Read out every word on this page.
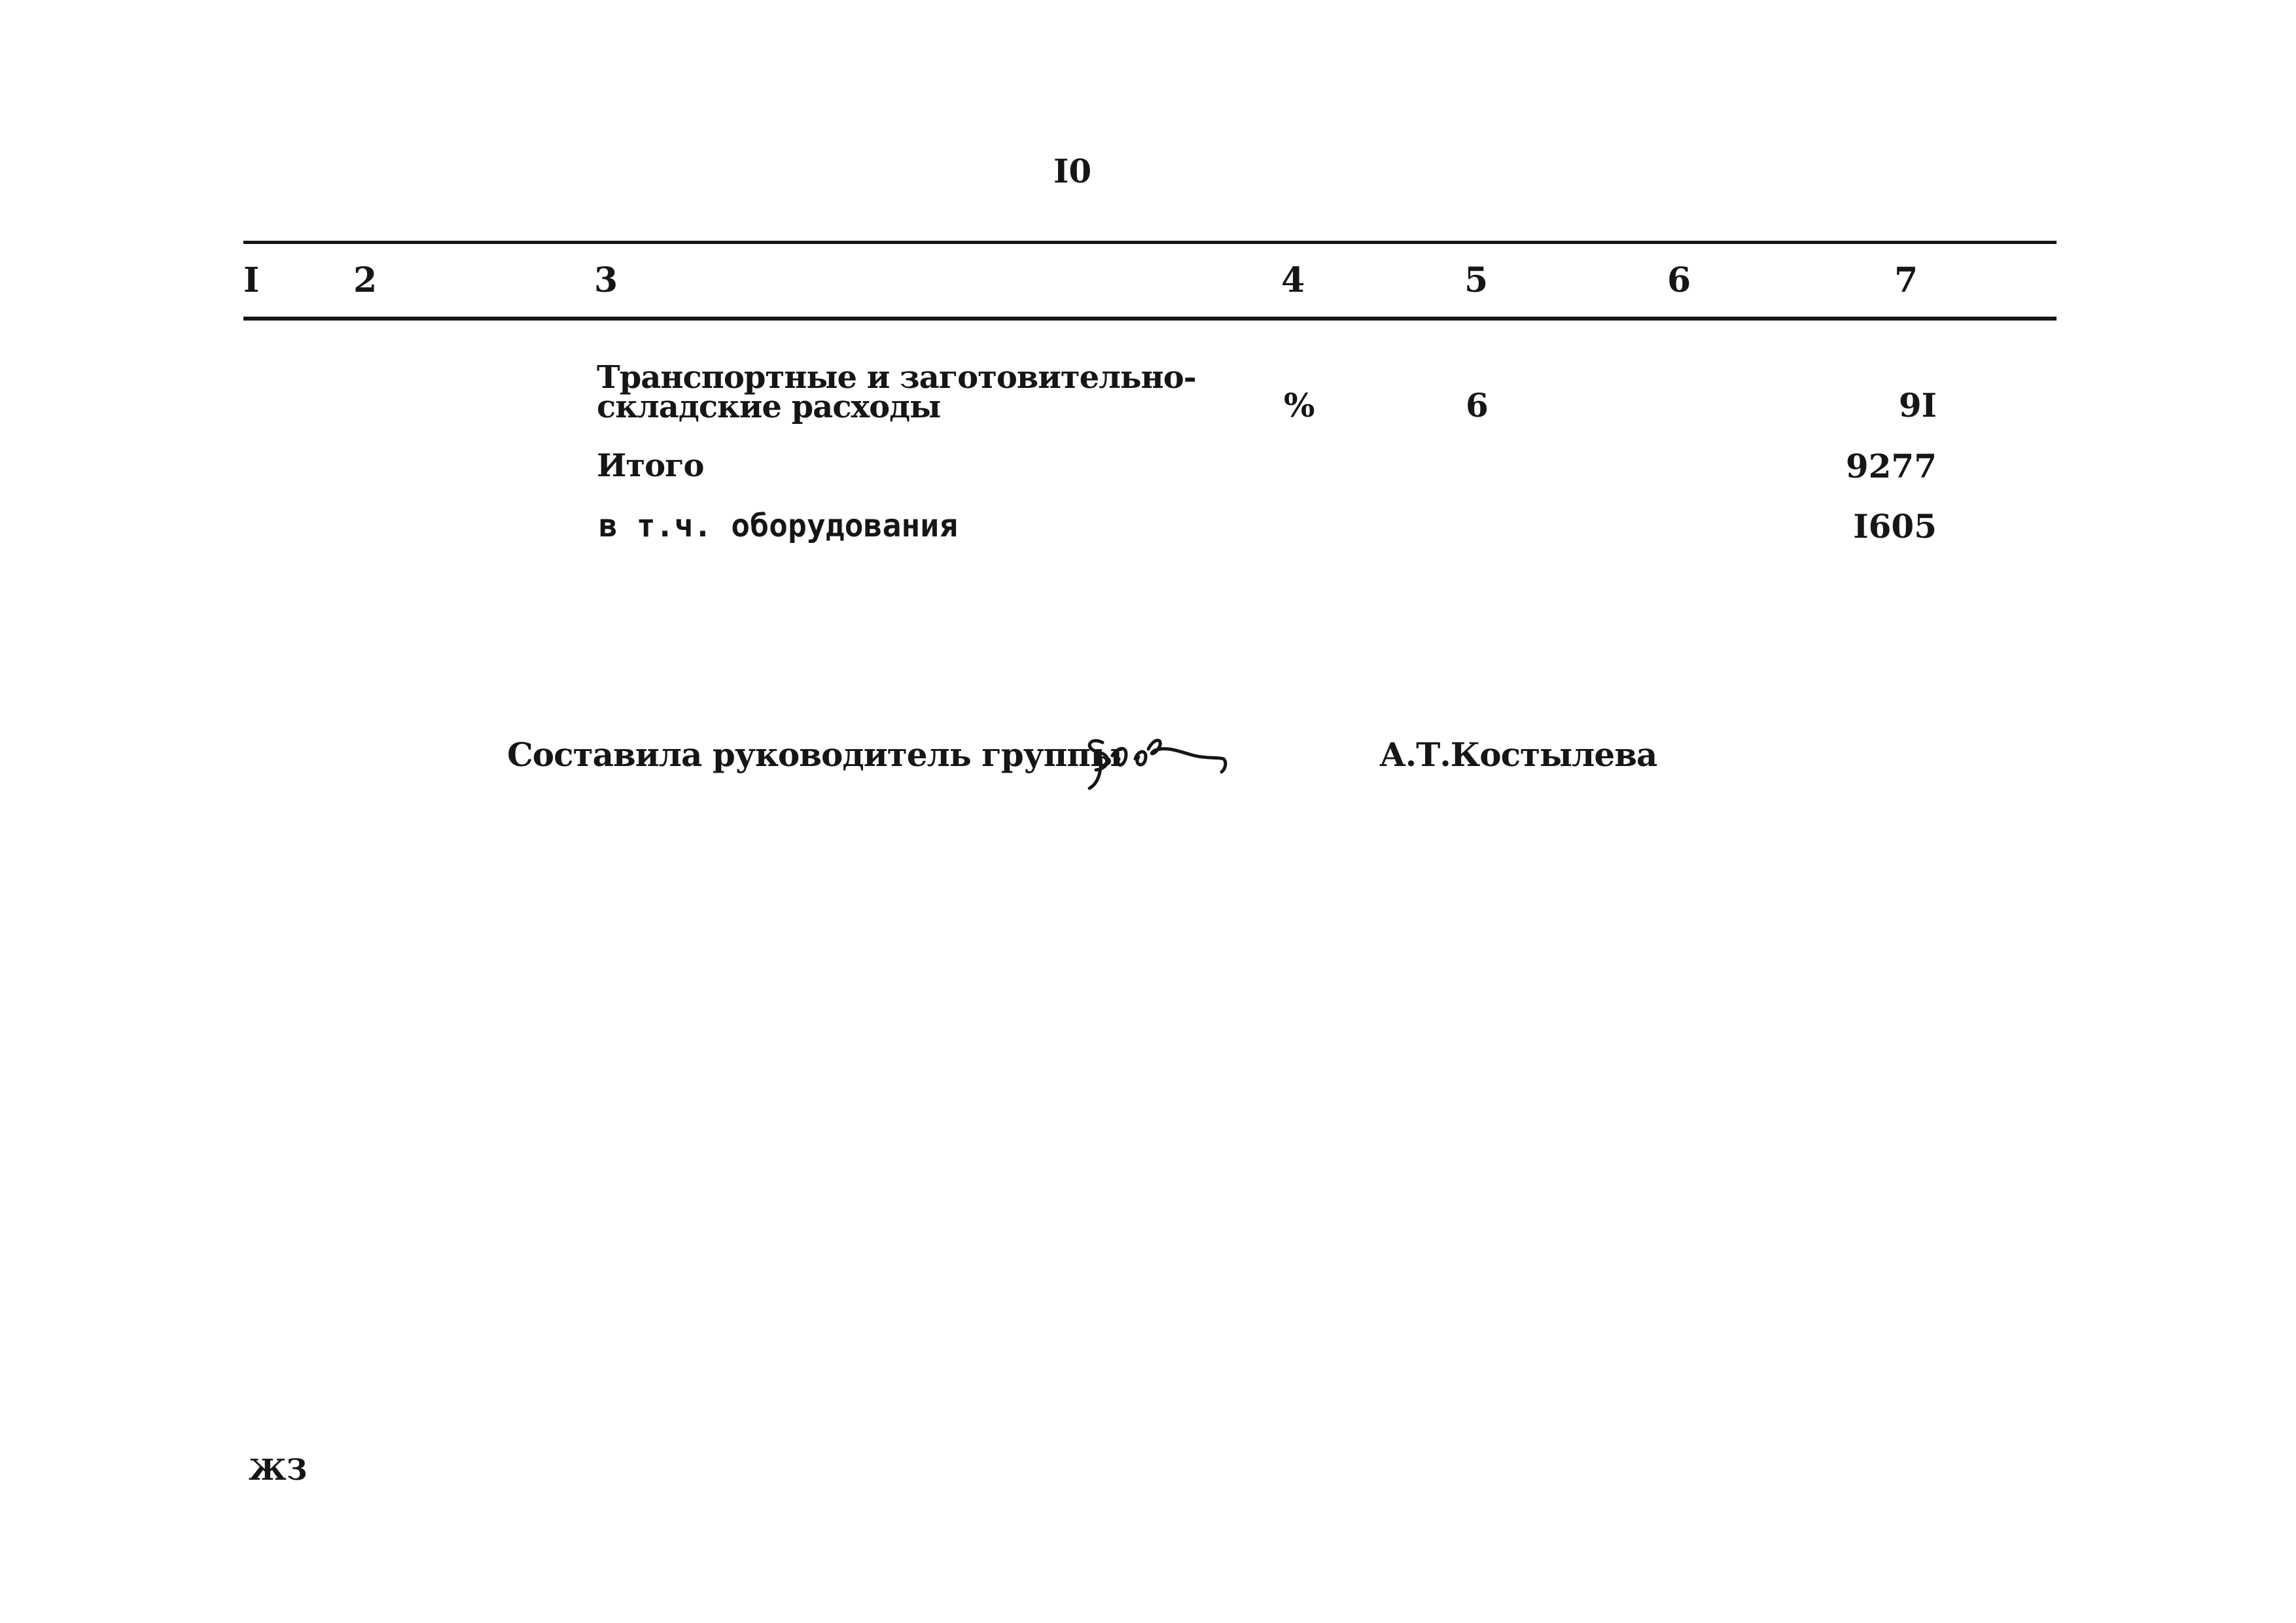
I0
I	2	3	4	5	6	7
Транспортные и заготовительно-
складские расходы	%	6	9I
Итого	9277
в т.ч. оборудования	I605
Составила руководитель группы	А.Т.Костылева
ЖЗ
